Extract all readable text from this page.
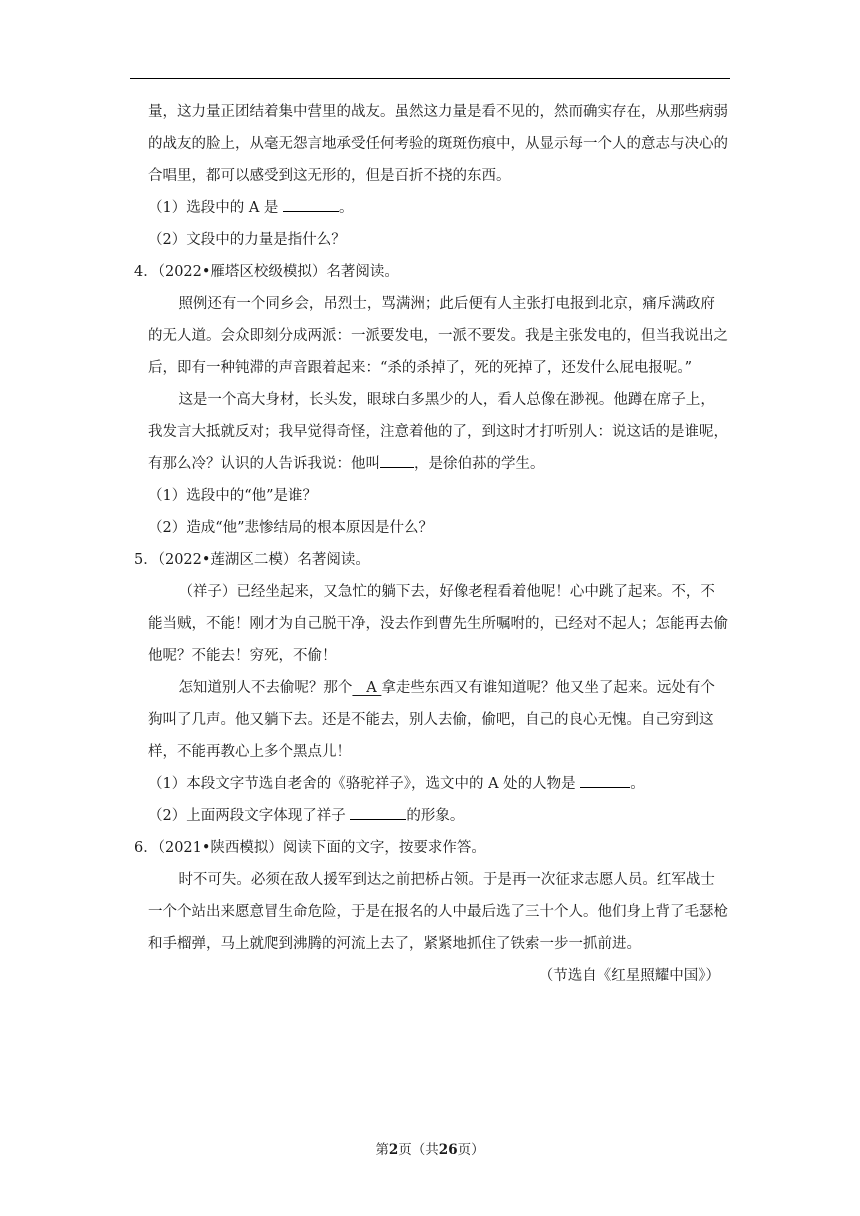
量，这力量正团结着集中营里的战友。虽然这力量是看不见的，然而确实存在，从那些病弱的战友的脸上，从毫无怨言地承受任何考验的斑斑伤痕中，从显示每一个人的意志与决心的合唱里，都可以感受到这无形的，但是百折不挠的东西。

（1）选段中的 A 是	。

（2）文段中的力量是指什么？

4．（2022•雁塔区校级模拟）名著阅读。

照例还有一个同乡会，吊烈士，骂满洲；此后便有人主张打电报到北京，痛斥满政府的无人道。会众即刻分成两派：一派要发电，一派不要发。我是主张发电的，但当我说出之后，即有一种钝滞的声音跟着起来：“杀的杀掉了，死的死掉了，还发什么屁电报呢。”

这是一个高大身材，长头发，眼球白多黑少的人，看人总像在渺视。他蹲在席子上，我发言大抵就反对；我早觉得奇怪，注意着他的了，到这时才打听别人：说这话的是谁呢，有那么冷？认识的人告诉我说：他叫 ，是徐伯荪的学生。

（1）选段中的“他”是谁？

（2）造成“他”悲惨结局的根本原因是什么？

5．（2022•莲湖区二模）名著阅读。

（祥子）已经坐起来，又急忙的躺下去，好像老程看着他呢！心中跳了起来。不，不能当贼，不能！刚才为自己脱干净，没去作到曹先生所嘱咐的，已经对不起人；怎能再去偷他呢？不能去！穷死，不偷！

怎知道别人不去偷呢？那个   A 拿走些东西又有谁知道呢？他又坐了起来。远处有个狗叫了几声。他又躺下去。还是不能去，别人去偷，偷吧，自己的良心无愧。自己穷到这样，不能再教心上多个黑点儿！

（1）本段文字节选自老舍的《骆驼祥子》，选文中的 A 处的人物是	。

（2）上面两段文字体现了祥子	的形象。

6．（2021•陕西模拟）阅读下面的文字，按要求作答。

时不可失。必须在敌人援军到达之前把桥占领。于是再一次征求志愿人员。红军战士一个个站出来愿意冒生命危险，于是在报名的人中最后选了三十个人。他们身上背了毛瑟枪和手榴弹，马上就爬到沸腾的河流上去了，紧紧地抓住了铁索一步一抓前进。

（节选自《红星照耀中国》）

第2页（共26页）
